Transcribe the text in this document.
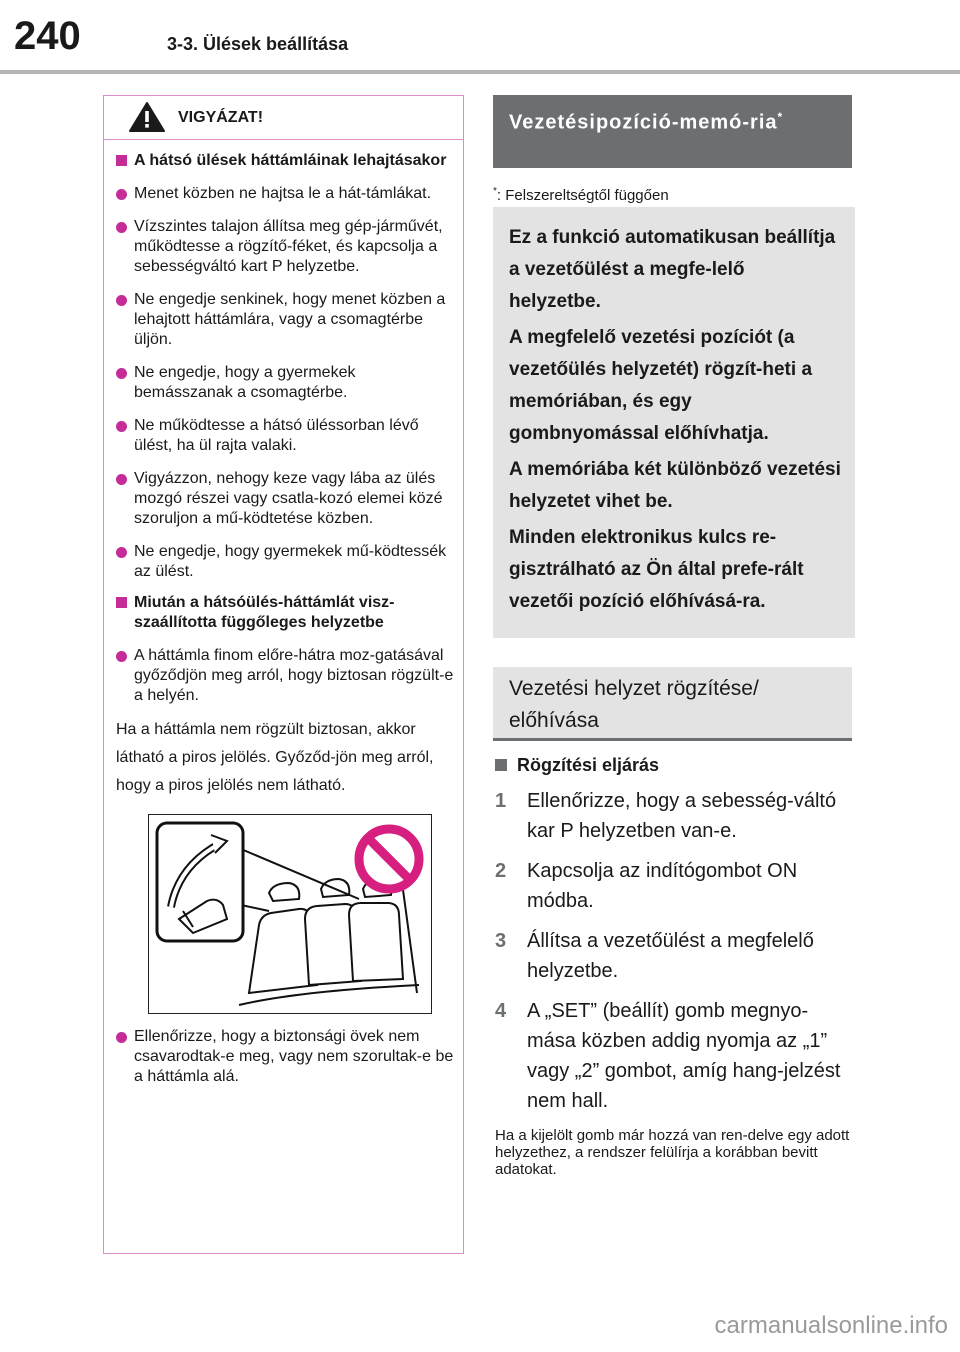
240	3-3. Ülések beállítása
VIGYÁZAT!
A hátsó ülések háttámláinak lehajtásakor
Menet közben ne hajtsa le a hát-támlákat.
Vízszintes talajon állítsa meg gép-járművét, működtesse a rögzítő-féket, és kapcsolja a sebességváltó kart P helyzetbe.
Ne engedje senkinek, hogy menet közben a lehajtott háttámlára, vagy a csomagtérbe üljön.
Ne engedje, hogy a gyermekek bemásszanak a csomagtérbe.
Ne működtesse a hátsó üléssorban lévő ülést, ha ül rajta valaki.
Vigyázzon, nehogy keze vagy lába az ülés mozgó részei vagy csatla-kozó elemei közé szoruljon a mű-ködtetése közben.
Ne engedje, hogy gyermekek mű-ködtessék az ülést.
Miután a hátsóülés-háttámlát visz-szaállította függőleges helyzetbe
A háttámla finom előre-hátra moz-gatásával győződjön meg arról, hogy biztosan rögzült-e a helyén.
Ha a háttámla nem rögzült biztosan, akkor látható a piros jelölés. Győződ-jön meg arról, hogy a piros jelölés nem látható.
Ellenőrizze, hogy a biztonsági övek nem csavarodtak-e meg, vagy nem szorultak-e be a háttámla alá.
Vezetésipozíció-memó-ria*
*: Felszereltségtől függően

Ez a funkció automatikusan beállítja a vezetőülést a megfe-lelő helyzetbe.

A megfelelő vezetési pozíciót (a vezetőülés helyzetét) rögzít-heti a memóriában, és egy gombnyomással előhívhatja.

A memóriába két különböző vezetési helyzetet vihet be.

Minden elektronikus kulcs re-gisztrálható az Ön által prefe-rált vezetői pozíció előhívásá-ra.

Vezetési helyzet rögzítése/ előhívása
Rögzítési eljárás
1	Ellenőrizze, hogy a sebesség-váltó kar P helyzetben van-e.
2	Kapcsolja az indítógombot ON módba.
3	Állítsa a vezetőülést a megfelelő helyzetbe.
4	A „SET” (beállít) gomb megnyo-mása közben addig nyomja az „1” vagy „2” gombot, amíg hang-jelzést nem hall.
Ha a kijelölt gomb már hozzá van ren-delve egy adott helyzethez, a rendszer felülírja a korábban bevitt adatokat.
carmanualsonline.info
